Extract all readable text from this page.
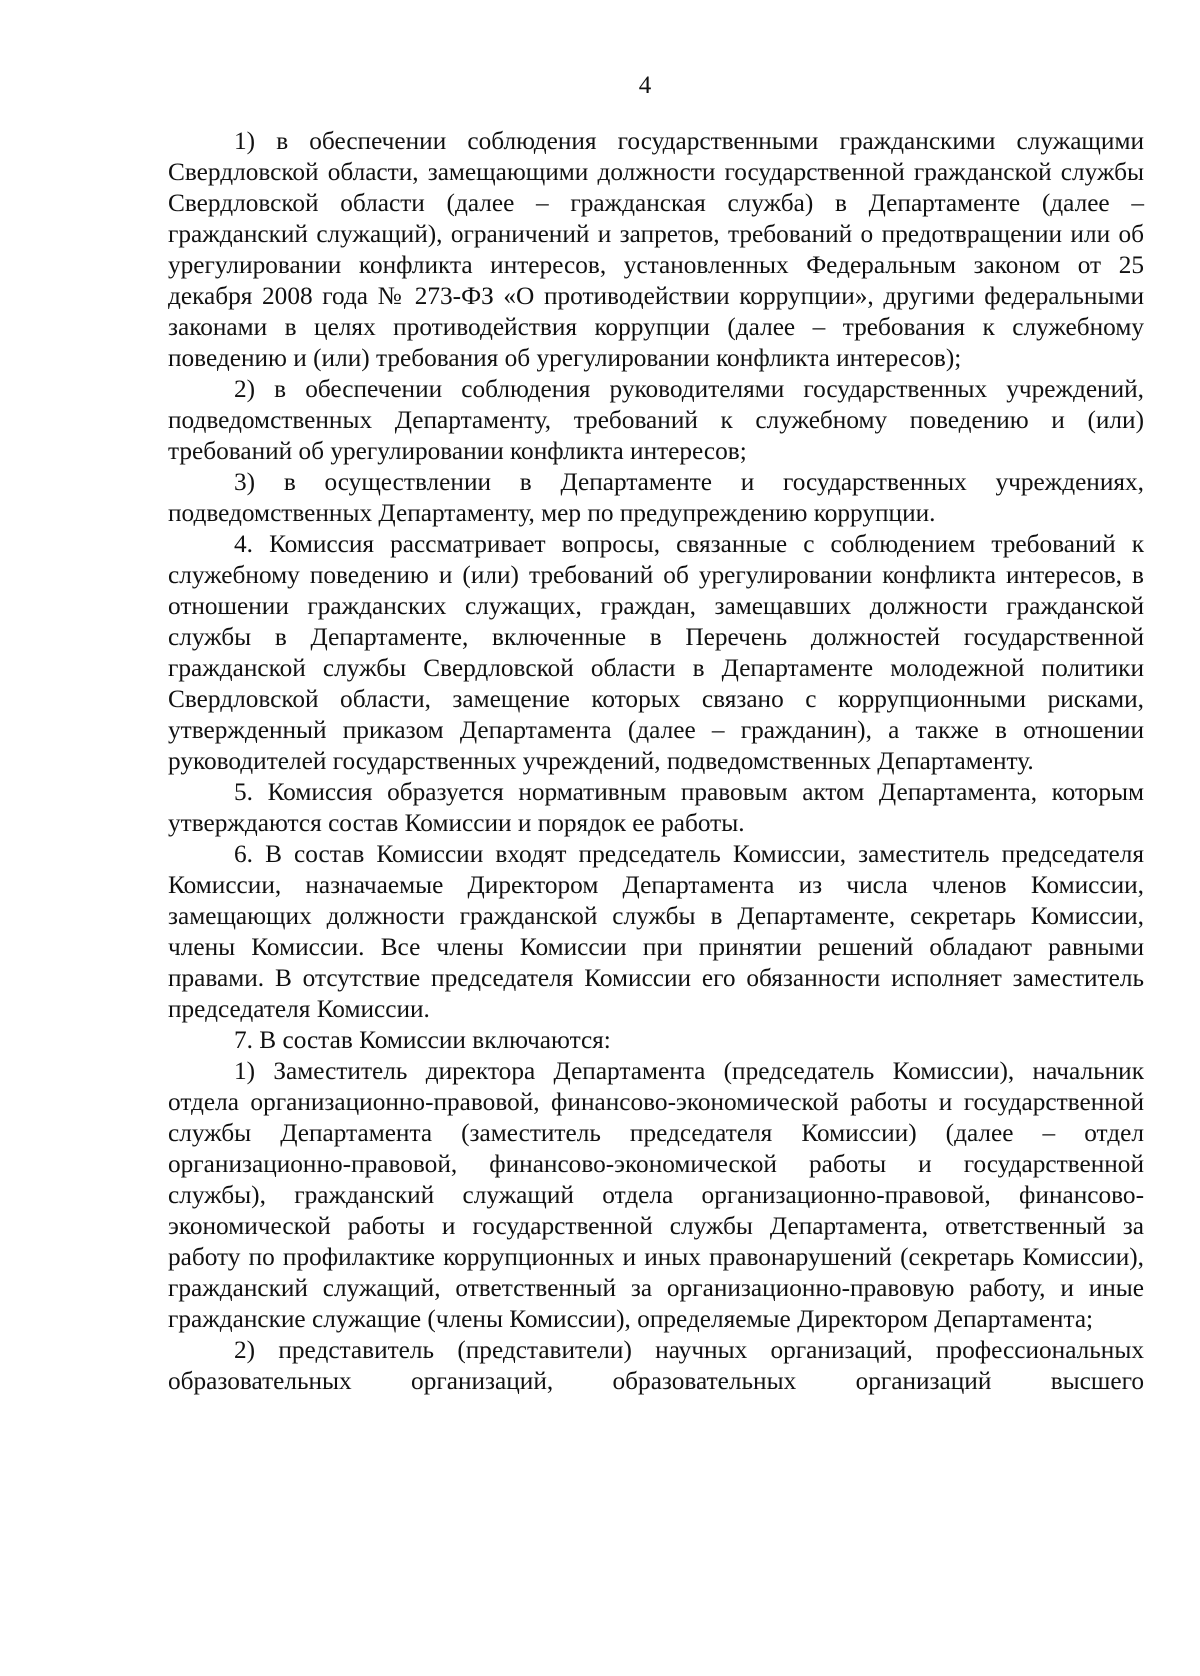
4

1) в обеспечении соблюдения государственными гражданскими служащими Свердловской области, замещающими должности государственной гражданской службы Свердловской области (далее – гражданская служба) в Департаменте (далее – гражданский служащий), ограничений и запретов, требований о предотвращении или об урегулировании конфликта интересов, установленных Федеральным законом от 25 декабря 2008 года № 273-ФЗ «О противодействии коррупции», другими федеральными законами в целях противодействия коррупции (далее – требования к служебному поведению и (или) требования об урегулировании конфликта интересов);

2) в обеспечении соблюдения руководителями государственных учреждений, подведомственных Департаменту, требований к служебному поведению и (или) требований об урегулировании конфликта интересов;

3) в осуществлении в Департаменте и государственных учреждениях, подведомственных Департаменту, мер по предупреждению коррупции.

4. Комиссия рассматривает вопросы, связанные с соблюдением требований к служебному поведению и (или) требований об урегулировании конфликта интересов, в отношении гражданских служащих, граждан, замещавших должности гражданской службы в Департаменте, включенные в Перечень должностей государственной гражданской службы Свердловской области в Департаменте молодежной политики Свердловской области, замещение которых связано с коррупционными рисками, утвержденный приказом Департамента (далее – гражданин), а также в отношении руководителей государственных учреждений, подведомственных Департаменту.

5. Комиссия образуется нормативным правовым актом Департамента, которым утверждаются состав Комиссии и порядок ее работы.

6. В состав Комиссии входят председатель Комиссии, заместитель председателя Комиссии, назначаемые Директором Департамента из числа членов Комиссии, замещающих должности гражданской службы в Департаменте, секретарь Комиссии, члены Комиссии. Все члены Комиссии при принятии решений обладают равными правами. В отсутствие председателя Комиссии его обязанности исполняет заместитель председателя Комиссии.

7. В состав Комиссии включаются:

1) Заместитель директора Департамента (председатель Комиссии), начальник отдела организационно-правовой, финансово-экономической работы и государственной службы Департамента (заместитель председателя Комиссии) (далее – отдел организационно-правовой, финансово-экономической работы и государственной службы), гражданский служащий отдела организационно-правовой, финансово-экономической работы и государственной службы Департамента, ответственный за работу по профилактике коррупционных и иных правонарушений (секретарь Комиссии), гражданский служащий, ответственный за организационно-правовую работу, и иные гражданские служащие (члены Комиссии), определяемые Директором Департамента;

2) представитель (представители) научных организаций, профессиональных образовательных организаций, образовательных организаций высшего
